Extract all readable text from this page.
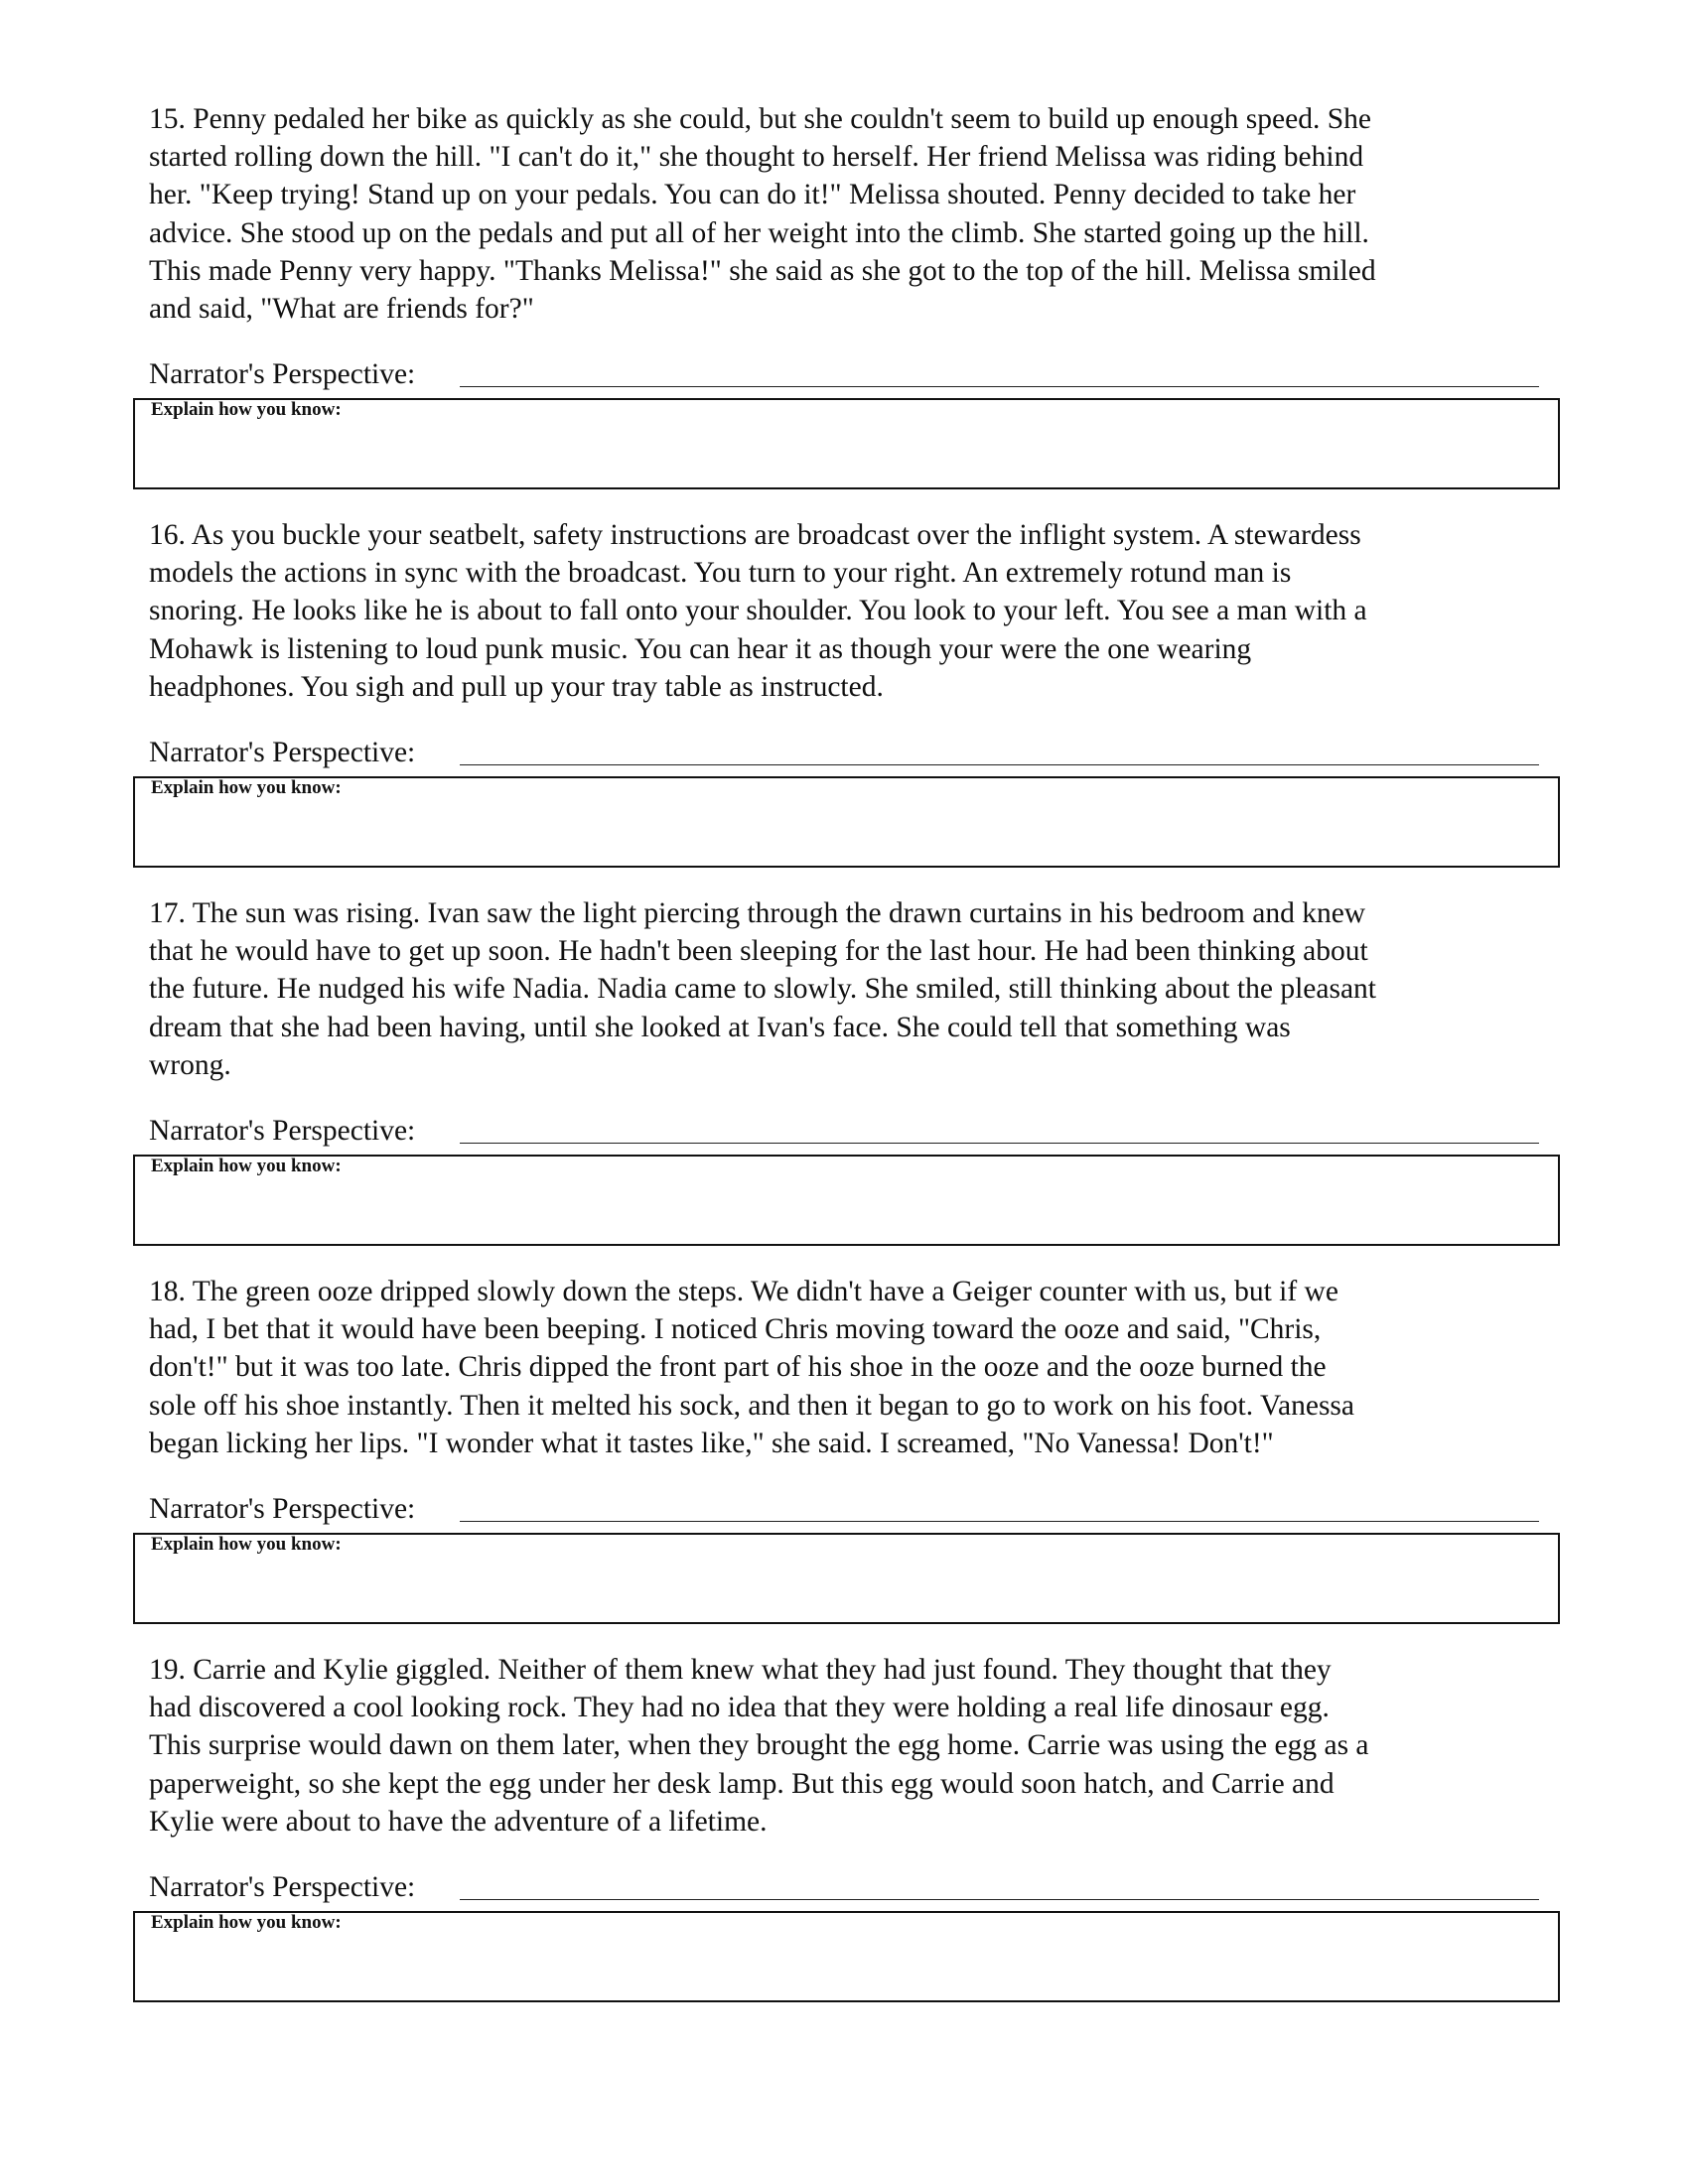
15. Penny pedaled her bike as quickly as she could, but she couldn't seem to build up enough speed. She
started rolling down the hill. "I can't do it," she thought to herself. Her friend Melissa was riding behind
her. "Keep trying! Stand up on your pedals. You can do it!" Melissa shouted. Penny decided to take her
advice. She stood up on the pedals and put all of her weight into the climb. She started going up the hill.
This made Penny very happy. "Thanks Melissa!" she said as she got to the top of the hill. Melissa smiled
and said, "What are friends for?"

Narrator's Perspective:
Explain how you know:

16. As you buckle your seatbelt, safety instructions are broadcast over the inflight system. A stewardess
models the actions in sync with the broadcast. You turn to your right. An extremely rotund man is
snoring. He looks like he is about to fall onto your shoulder. You look to your left. You see a man with a
Mohawk is listening to loud punk music. You can hear it as though your were the one wearing
headphones. You sigh and pull up your tray table as instructed.

Narrator's Perspective:
Explain how you know:

17. The sun was rising. Ivan saw the light piercing through the drawn curtains in his bedroom and knew
that he would have to get up soon. He hadn't been sleeping for the last hour. He had been thinking about
the future. He nudged his wife Nadia. Nadia came to slowly. She smiled, still thinking about the pleasant
dream that she had been having, until she looked at Ivan's face. She could tell that something was
wrong.

Narrator's Perspective:
Explain how you know:

18. The green ooze dripped slowly down the steps. We didn't have a Geiger counter with us, but if we
had, I bet that it would have been beeping. I noticed Chris moving toward the ooze and said, "Chris,
don't!" but it was too late. Chris dipped the front part of his shoe in the ooze and the ooze burned the
sole off his shoe instantly. Then it melted his sock, and then it began to go to work on his foot. Vanessa
began licking her lips. "I wonder what it tastes like," she said. I screamed, "No Vanessa! Don't!"

Narrator's Perspective:
Explain how you know:

19. Carrie and Kylie giggled. Neither of them knew what they had just found. They thought that they
had discovered a cool looking rock. They had no idea that they were holding a real life dinosaur egg.
This surprise would dawn on them later, when they brought the egg home. Carrie was using the egg as a
paperweight, so she kept the egg under her desk lamp. But this egg would soon hatch, and Carrie and
Kylie were about to have the adventure of a lifetime.

Narrator's Perspective:
Explain how you know:
